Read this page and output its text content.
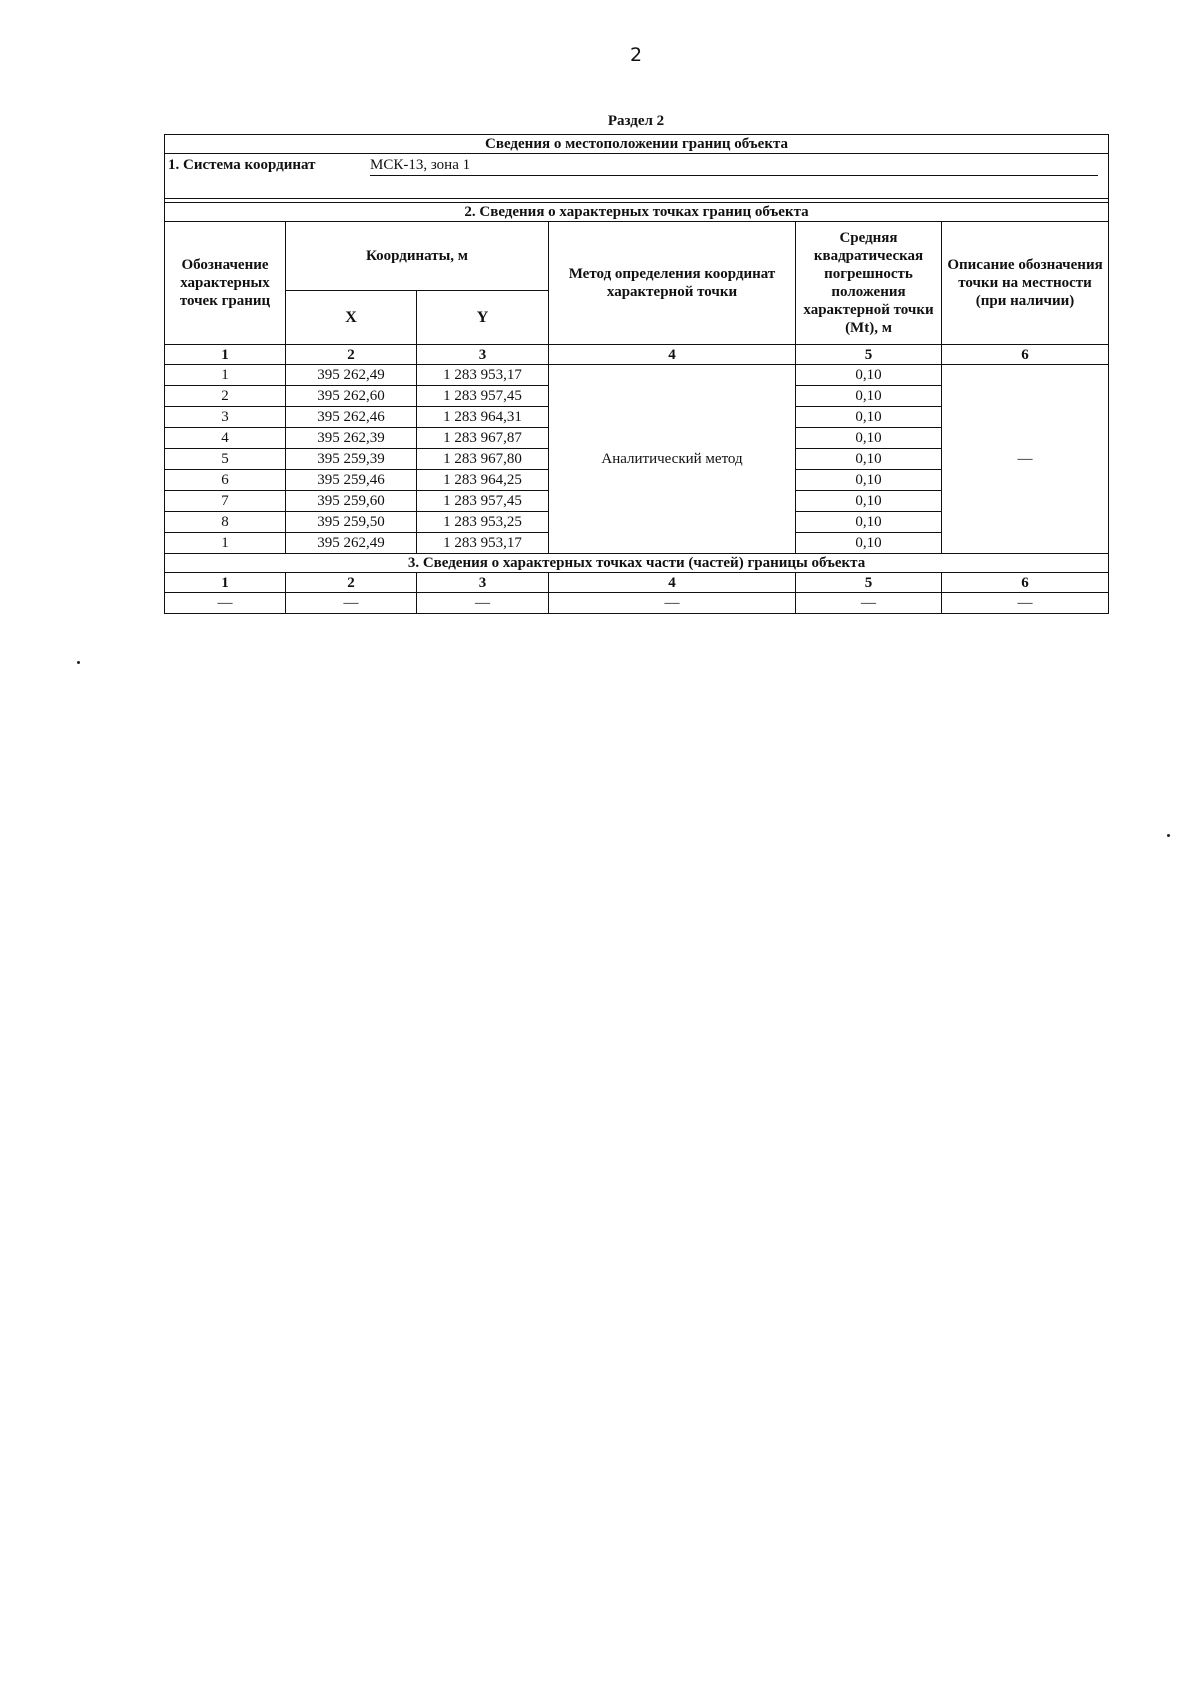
2
Раздел 2
Сведения о местоположении границ объекта					

1. Система координат МСК-13, зона 1					

2. Сведения о характерных точках границ объекта					
Обозначение характерных точек границ	Координаты, м		Метод определения координат характерной точки	Средняя квадратическая погрешность положения характерной точки (Mt), м	Описание обозначения точки на местности (при наличии)
	X	Y			
1	2	3	4	5	6
1	395 262,49	1 283 953,17	Аналитический метод	0,10	—
2	395 262,60	1 283 957,45		0,10	
3	395 262,46	1 283 964,31		0,10	
4	395 262,39	1 283 967,87		0,10	
5	395 259,39	1 283 967,80		0,10	
6	395 259,46	1 283 964,25		0,10	
7	395 259,60	1 283 957,45		0,10	
8	395 259,50	1 283 953,25		0,10	
1	395 262,49	1 283 953,17		0,10	
3. Сведения о характерных точках части (частей) границы объекта					
1	2	3	4	5	6
—	—	—	—	—	—
